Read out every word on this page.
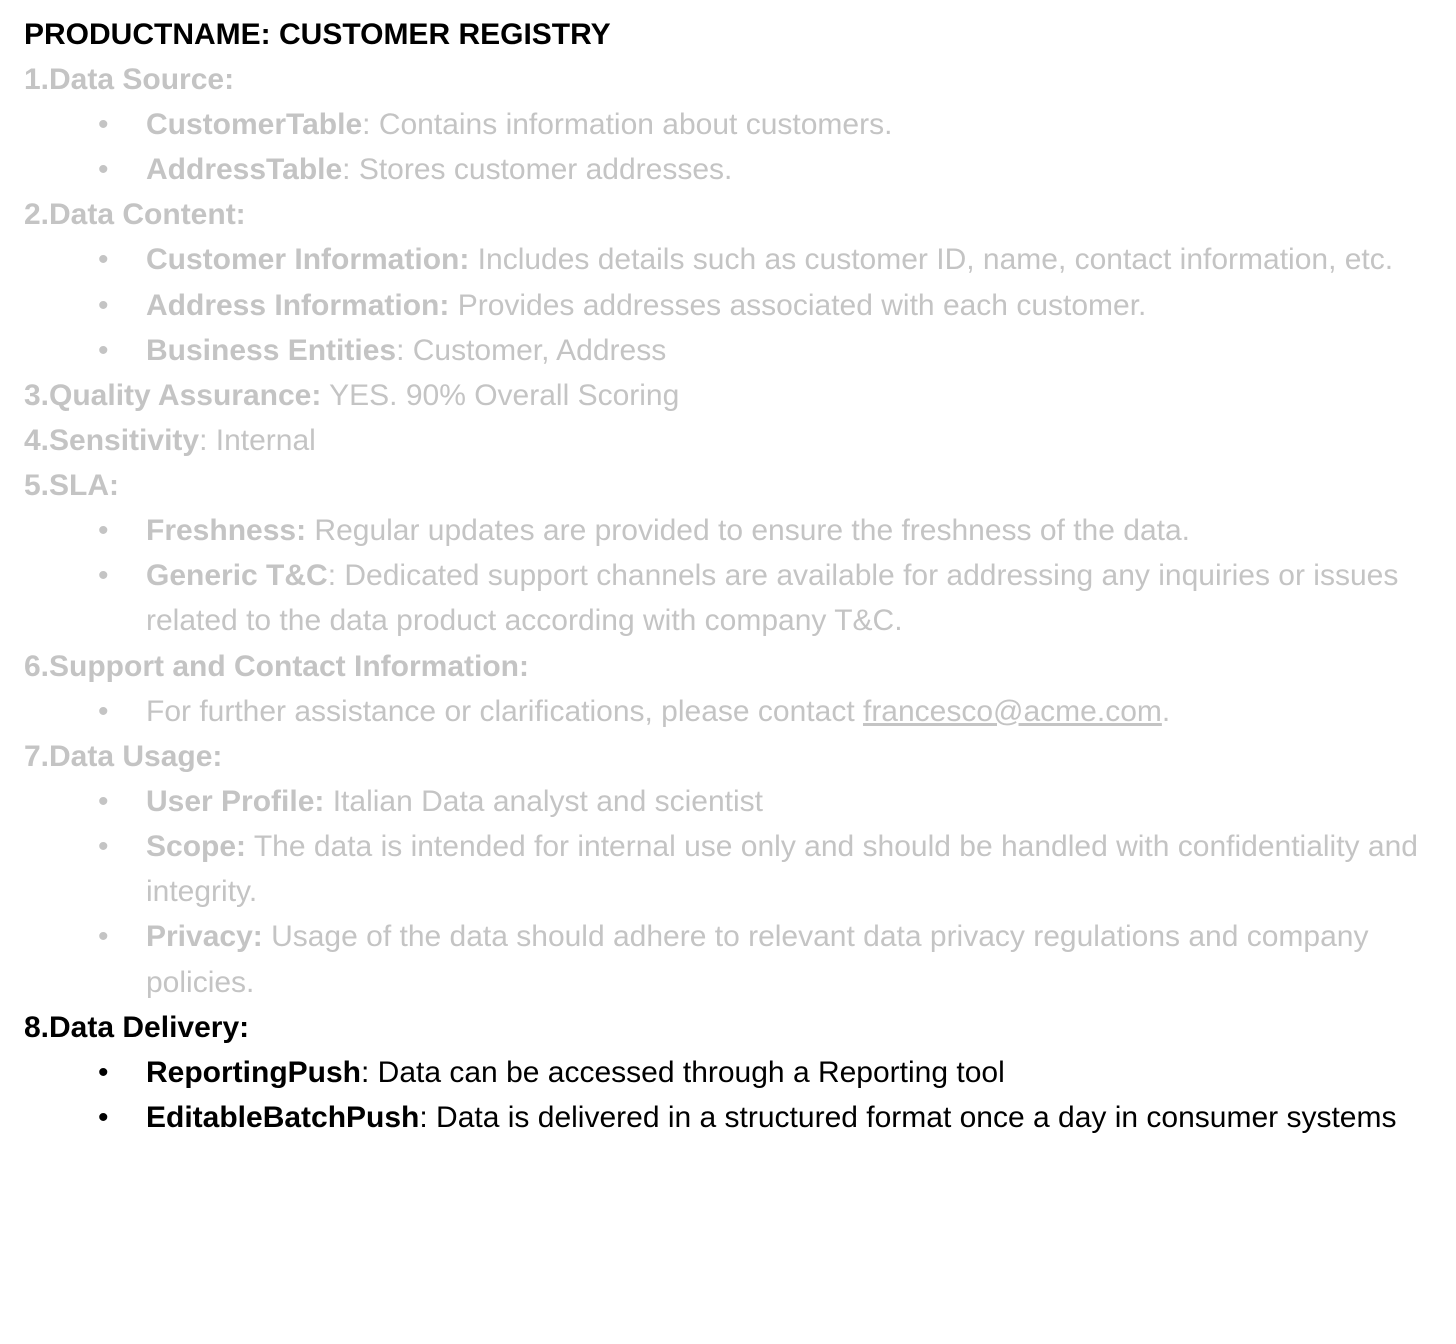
PRODUCTNAME: CUSTOMER REGISTRY
1.Data Source:
•	CustomerTable: Contains information about customers.
•	AddressTable: Stores customer addresses.
2.Data Content:
•	Customer Information: Includes details such as customer ID, name, contact information, etc.
•	Address Information: Provides addresses associated with each customer.
•	Business Entities: Customer, Address
3.Quality Assurance: YES. 90% Overall Scoring
4.Sensitivity: Internal
5.SLA:
•	Freshness: Regular updates are provided to ensure the freshness of the data.
•	Generic T&C: Dedicated support channels are available for addressing any inquiries or issues related to the data product according with company T&C.
6.Support and Contact Information:
•	For further assistance or clarifications, please contact francesco@acme.com.
7.Data Usage:
•	User Profile: Italian Data analyst and scientist
•	Scope: The data is intended for internal use only and should be handled with confidentiality and integrity.
•	Privacy: Usage of the data should adhere to relevant data privacy regulations and company policies.
8.Data Delivery:
•	ReportingPush: Data can be accessed through a Reporting tool
•	EditableBatchPush: Data is delivered in a structured format once a day in consumer systems
